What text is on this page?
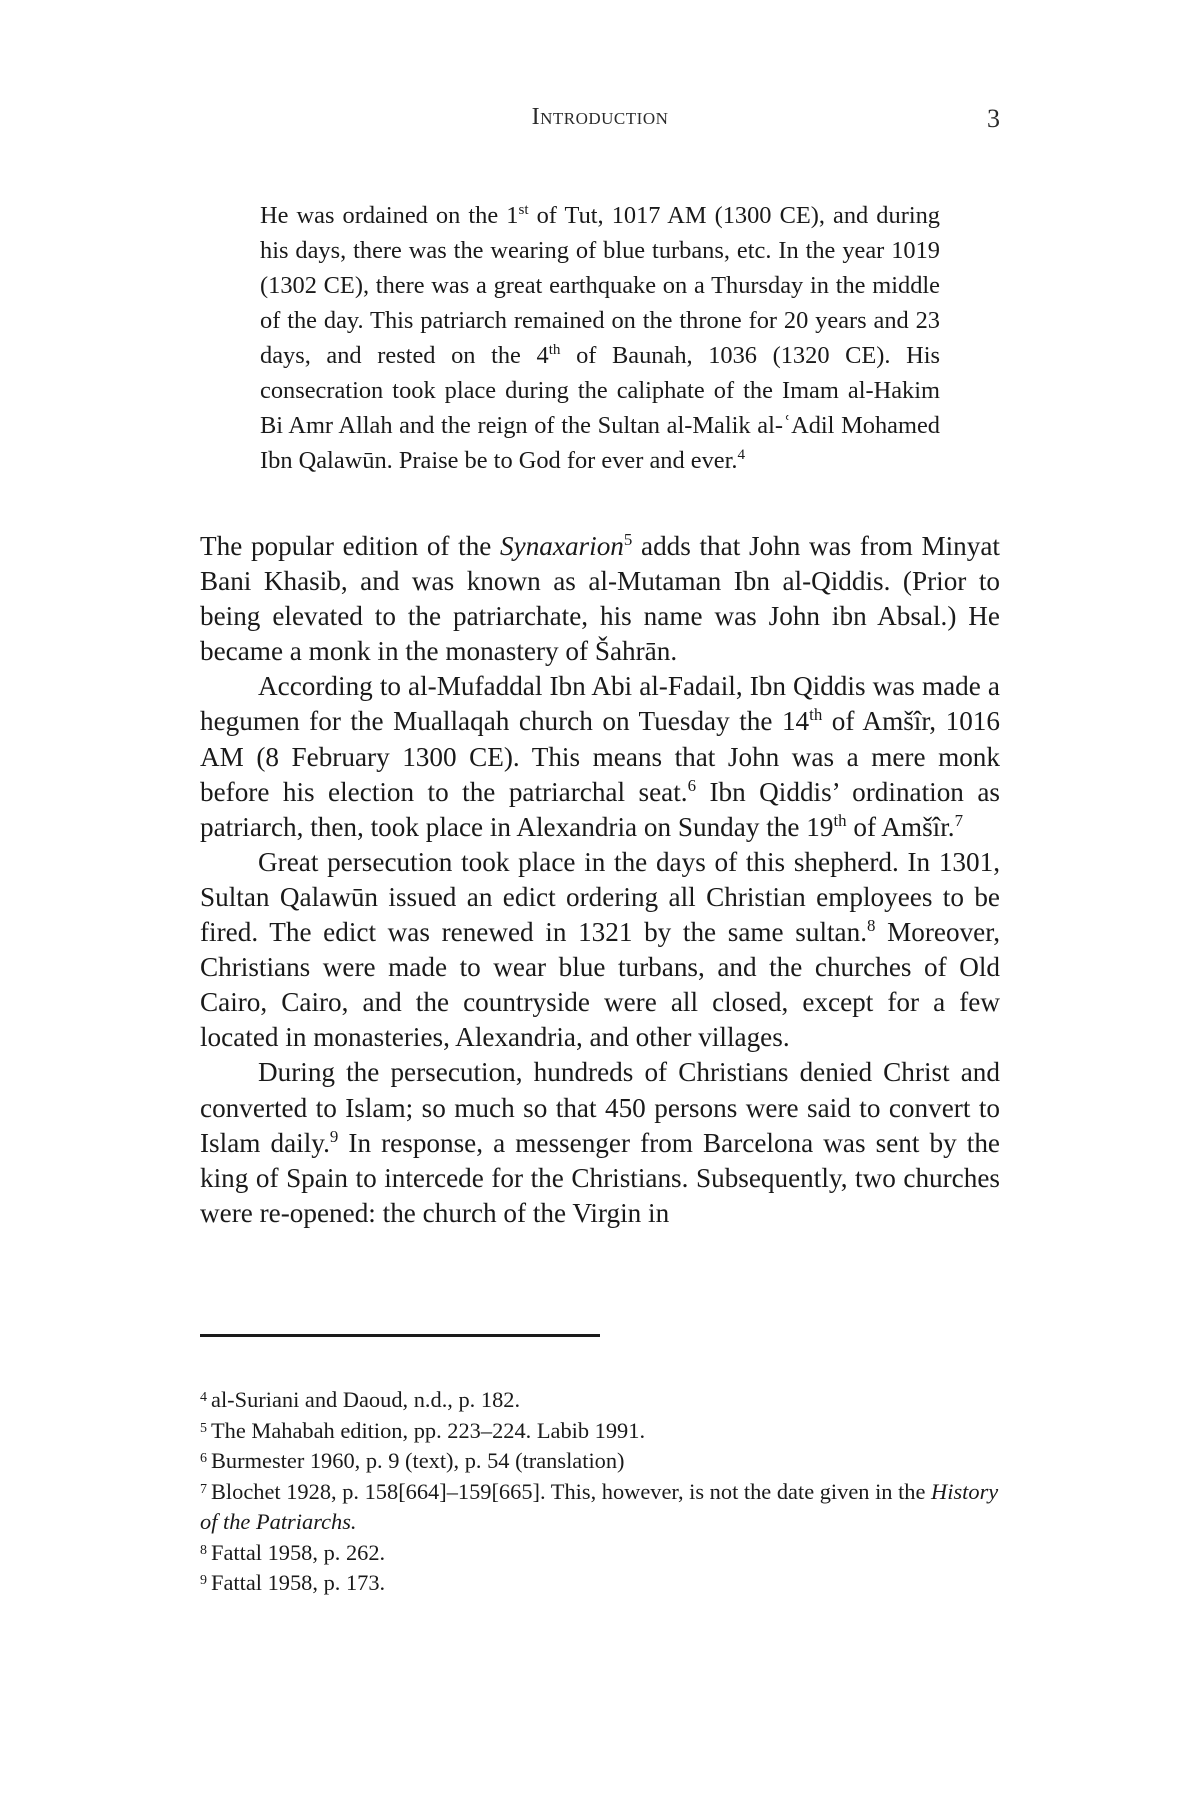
Introduction	3

He was ordained on the 1st of Tut, 1017 AM (1300 CE), and during his days, there was the wearing of blue turbans, etc. In the year 1019 (1302 CE), there was a great earthquake on a Thursday in the middle of the day. This patriarch remained on the throne for 20 years and 23 days, and rested on the 4th of Baunah, 1036 (1320 CE). His consecration took place during the caliphate of the Imam al-Hakim Bi Amr Allah and the reign of the Sultan al-Malik al-ʿAdil Mohamed Ibn Qalawūn. Praise be to God for ever and ever.$^4$

The popular edition of the Synaxarion$^5$ adds that John was from Minyat Bani Khasib, and was known as al-Mutaman Ibn al-Qiddis. (Prior to being elevated to the patriarchate, his name was John ibn Absal.) He became a monk in the monastery of Šahrān.

According to al-Mufaddal Ibn Abi al-Fadail, Ibn Qiddis was made a hegumen for the Muallaqah church on Tuesday the 14th of Amšîr, 1016 AM (8 February 1300 CE). This means that John was a mere monk before his election to the patriarchal seat.$^6$ Ibn Qiddis’ ordination as patriarch, then, took place in Alexandria on Sunday the 19th of Amšîr.$^7$

Great persecution took place in the days of this shepherd. In 1301, Sultan Qalawūn issued an edict ordering all Christian employees to be fired. The edict was renewed in 1321 by the same sultan.$^8$ Moreover, Christians were made to wear blue turbans, and the churches of Old Cairo, Cairo, and the countryside were all closed, except for a few located in monasteries, Alexandria, and other villages.

During the persecution, hundreds of Christians denied Christ and converted to Islam; so much so that 450 persons were said to convert to Islam daily.$^9$ In response, a messenger from Barcelona was sent by the king of Spain to intercede for the Christians. Subsequently, two churches were re-opened: the church of the Virgin in

$^4$ al-Suriani and Daoud, n.d., p. 182.

$^5$ The Mahabah edition, pp. 223–224. Labib 1991.

$^6$ Burmester 1960, p. 9 (text), p. 54 (translation)

$^7$ Blochet 1928, p. 158[664]–159[665]. This, however, is not the date given in the History of the Patriarchs.

$^8$ Fattal 1958, p. 262.

$^9$ Fattal 1958, p. 173.
